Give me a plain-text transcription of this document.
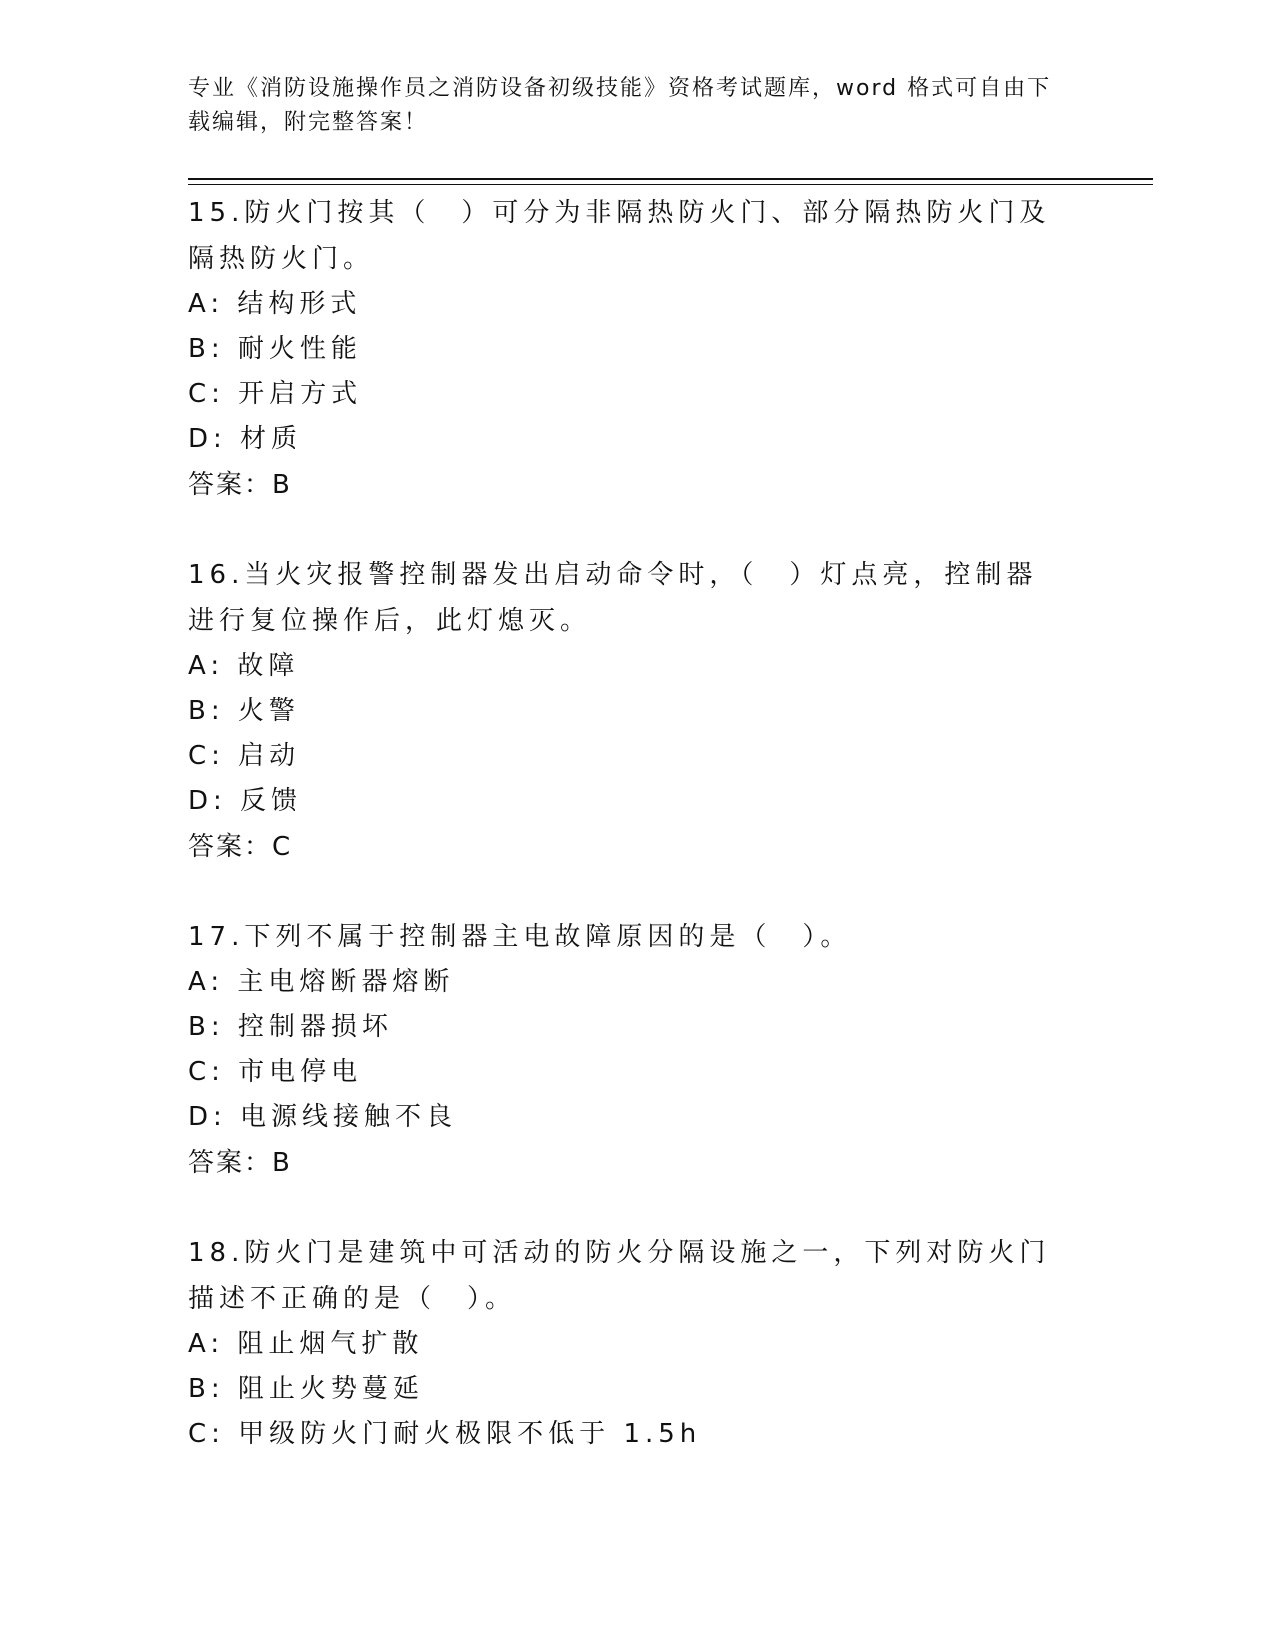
专业《消防设施操作员之消防设备初级技能》资格考试题库，word 格式可自由下
载编辑，附完整答案！

15.防火门按其（　）可分为非隔热防火门、部分隔热防火门及隔热防火门。

A: 结构形式

B: 耐火性能

C: 开启方式

D: 材质

答案：B

16.当火灾报警控制器发出启动命令时，（　）灯点亮，控制器进行复位操作后，此灯熄灭。

A: 故障

B: 火警

C: 启动

D: 反馈

答案：C

17.下列不属于控制器主电故障原因的是（　）。

A: 主电熔断器熔断

B: 控制器损坏

C: 市电停电

D: 电源线接触不良

答案：B

18.防火门是建筑中可活动的防火分隔设施之一，下列对防火门描述不正确的是（　）。

A: 阻止烟气扩散

B: 阻止火势蔓延

C: 甲级防火门耐火极限不低于 1.5h
